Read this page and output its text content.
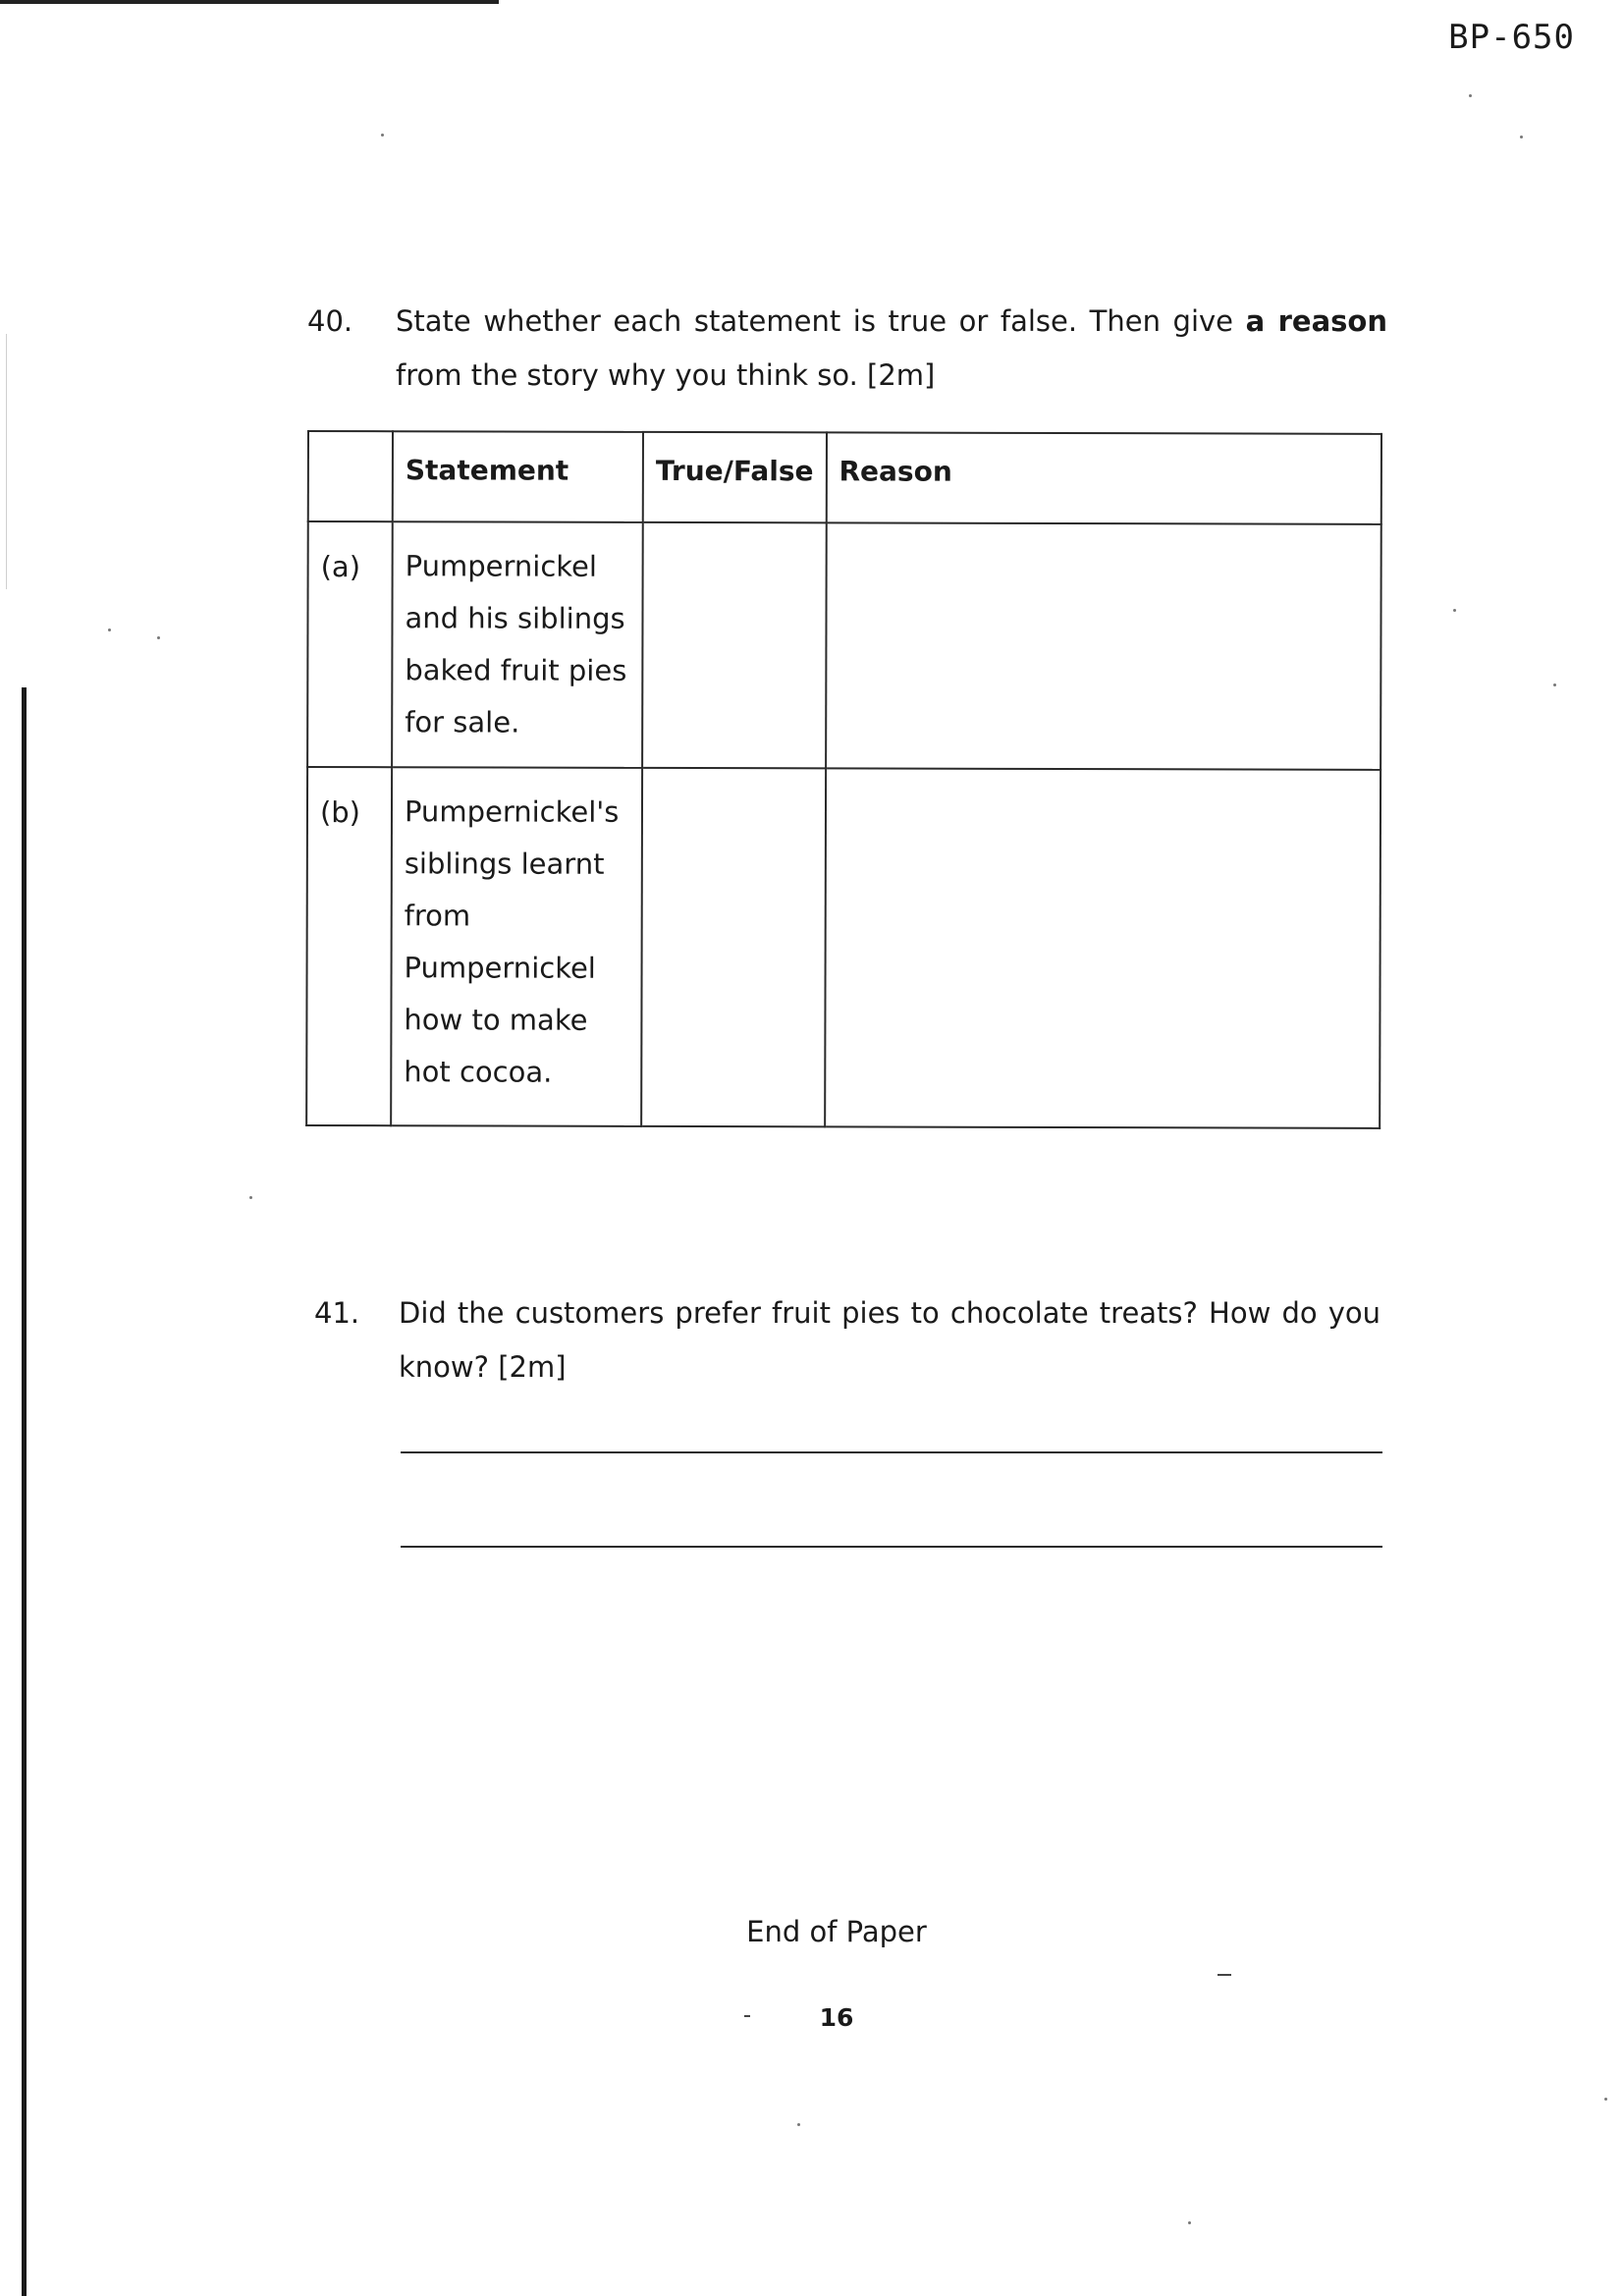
BP-650
40. State whether each statement is true or false. Then give a reason from the story why you think so. [2m]
	Statement	True/False	Reason
(a)	Pumpernickel and his siblings baked fruit pies for sale.		
(b)	Pumpernickel's siblings learnt from Pumpernickel how to make hot cocoa.		
41. Did the customers prefer fruit pies to chocolate treats? How do you know? [2m]
End of Paper
16
